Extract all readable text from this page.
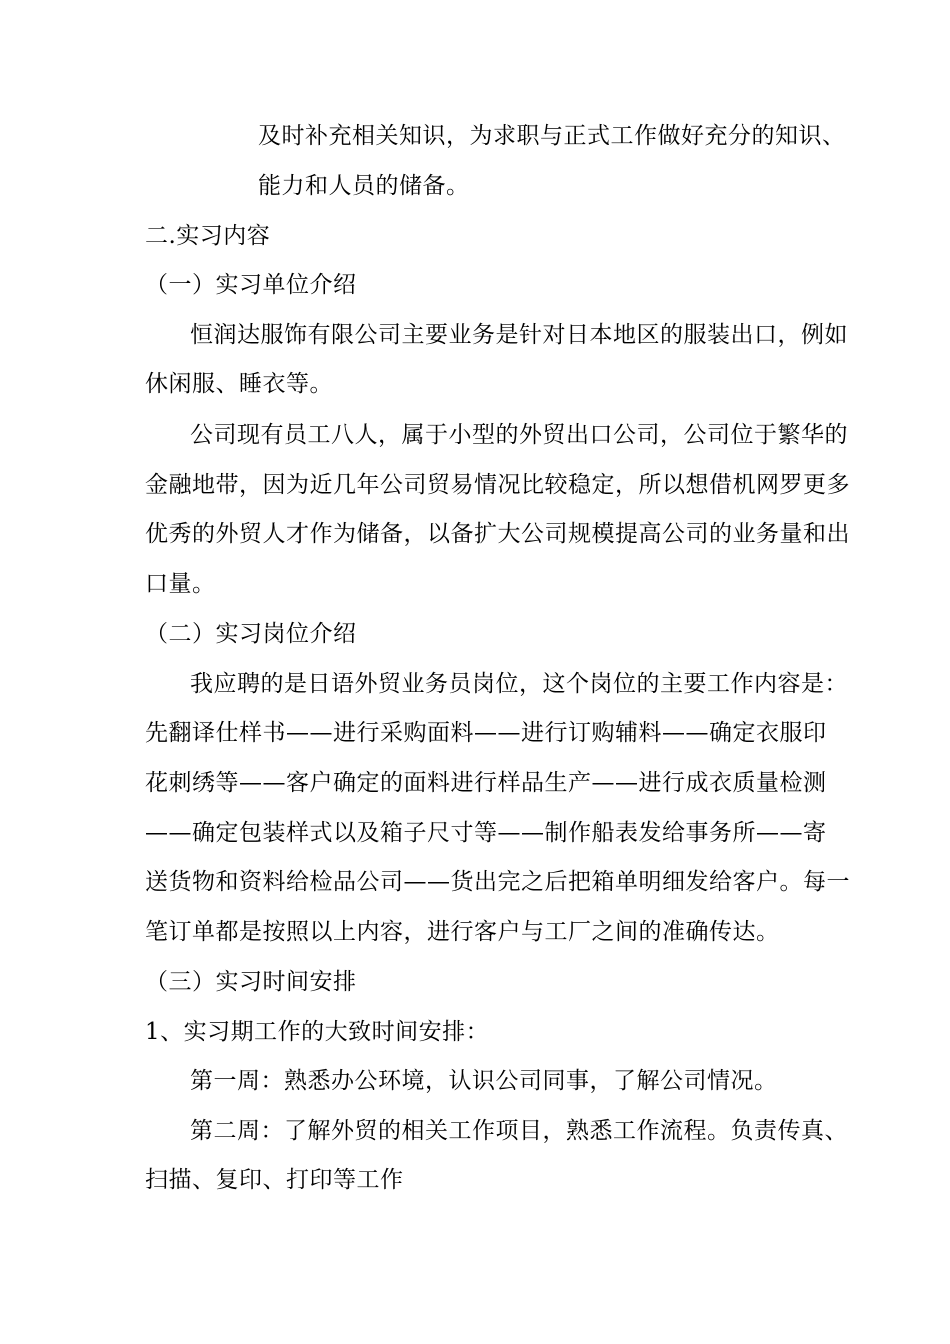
及时补充相关知识，为求职与正式工作做好充分的知识、
能力和人员的储备。
二.实习内容
（一）实习单位介绍
恒润达服饰有限公司主要业务是针对日本地区的服装出口，例如
休闲服、睡衣等。
公司现有员工八人，属于小型的外贸出口公司，公司位于繁华的
金融地带，因为近几年公司贸易情况比较稳定，所以想借机网罗更多
优秀的外贸人才作为储备，以备扩大公司规模提高公司的业务量和出
口量。
（二）实习岗位介绍
我应聘的是日语外贸业务员岗位，这个岗位的主要工作内容是：
先翻译仕样书——进行采购面料——进行订购辅料——确定衣服印
花刺绣等——客户确定的面料进行样品生产——进行成衣质量检测
——确定包装样式以及箱子尺寸等——制作船表发给事务所——寄
送货物和资料给检品公司——货出完之后把箱单明细发给客户。每一
笔订单都是按照以上内容，进行客户与工厂之间的准确传达。
（三）实习时间安排
1、实习期工作的大致时间安排：
第一周：熟悉办公环境，认识公司同事，了解公司情况。
第二周：了解外贸的相关工作项目，熟悉工作流程。负责传真、
扫描、复印、打印等工作
